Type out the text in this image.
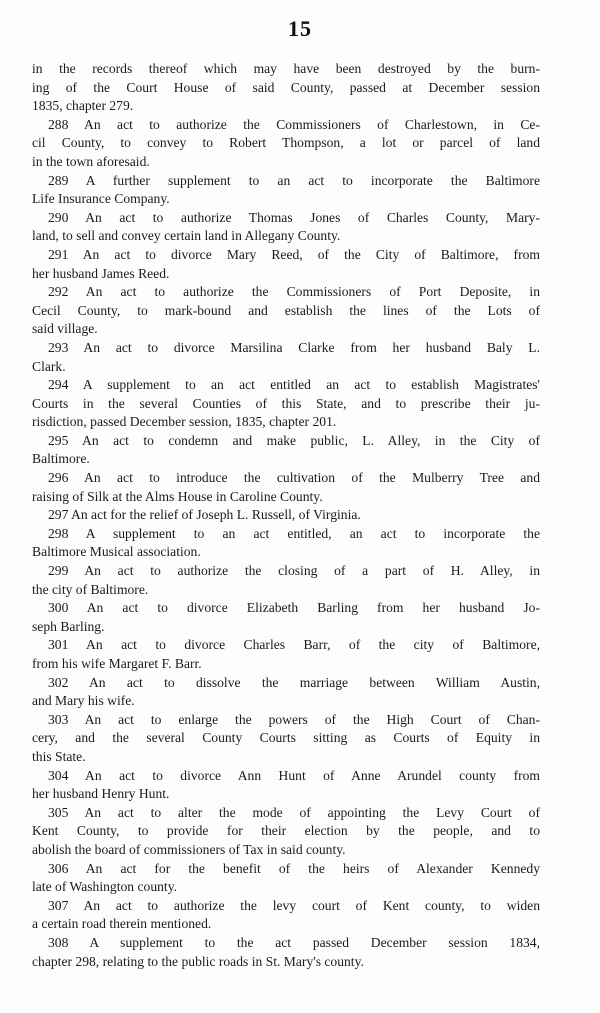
15
in the records thereof which may have been destroyed by the burn-
ing of the Court House of said County, passed at December session
1835, chapter 279.
288 An act to authorize the Commissioners of Charlestown, in Ce-
cil County, to convey to Robert Thompson, a lot or parcel of land
in the town aforesaid.
289 A further supplement to an act to incorporate the Baltimore
Life Insurance Company.
290 An act to authorize Thomas Jones of Charles County, Mary-
land, to sell and convey certain land in Allegany County.
291 An act to divorce Mary Reed, of the City of Baltimore, from
her husband James Reed.
292 An act to authorize the Commissioners of Port Deposite, in
Cecil County, to mark-bound and establish the lines of the Lots of
said village.
293 An act to divorce Marsilina Clarke from her husband Baly L.
Clark.
294 A supplement to an act entitled an act to establish Magistrates'
Courts in the several Counties of this State, and to prescribe their ju-
risdiction, passed December session, 1835, chapter 201.
295 An act to condemn and make public, L. Alley, in the City of
Baltimore.
296 An act to introduce the cultivation of the Mulberry Tree and
raising of Silk at the Alms House in Caroline County.
297 An act for the relief of Joseph L. Russell, of Virginia.
298 A supplement to an act entitled, an act to incorporate the
Baltimore Musical association.
299 An act to authorize the closing of a part of H. Alley, in
the city of Baltimore.
300 An act to divorce Elizabeth Barling from her husband Jo-
seph Barling.
301 An act to divorce Charles Barr, of the city of Baltimore,
from his wife Margaret F. Barr.
302 An act to dissolve the marriage between William Austin,
and Mary his wife.
303 An act to enlarge the powers of the High Court of Chan-
cery, and the several County Courts sitting as Courts of Equity in
this State.
304 An act to divorce Ann Hunt of Anne Arundel county from
her husband Henry Hunt.
305 An act to alter the mode of appointing the Levy Court of
Kent County, to provide for their election by the people, and to
abolish the board of commissioners of Tax in said county.
306 An act for the benefit of the heirs of Alexander Kennedy
late of Washington county.
307 An act to authorize the levy court of Kent county, to widen
a certain road therein mentioned.
308 A supplement to the act passed December session 1834,
chapter 298, relating to the public roads in St. Mary's county.
